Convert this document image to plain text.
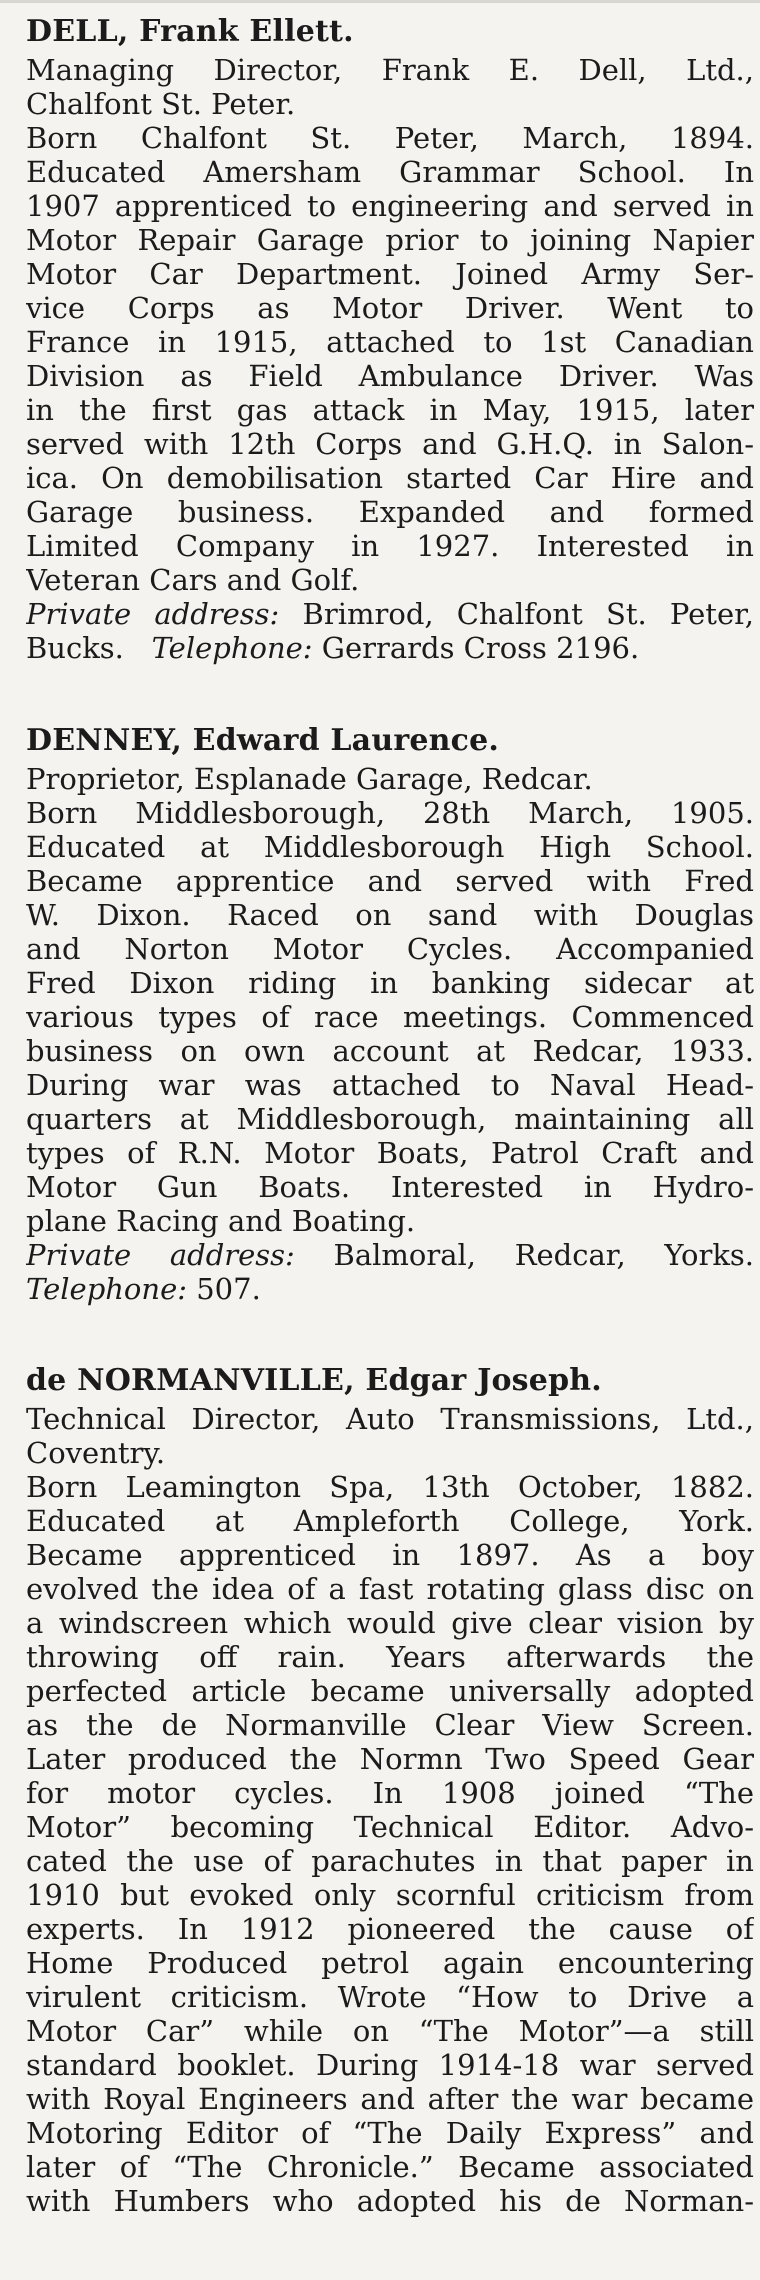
DELL, Frank Ellett.
Managing Director, Frank E. Dell, Ltd.,
Chalfont St. Peter.
Born Chalfont St. Peter, March, 1894.
Educated Amersham Grammar School. In
1907 apprenticed to engineering and served in
Motor Repair Garage prior to joining Napier
Motor Car Department. Joined Army Ser-
vice Corps as Motor Driver. Went to
France in 1915, attached to 1st Canadian
Division as Field Ambulance Driver. Was
in the first gas attack in May, 1915, later
served with 12th Corps and G.H.Q. in Salon-
ica. On demobilisation started Car Hire and
Garage business. Expanded and formed
Limited Company in 1927. Interested in
Veteran Cars and Golf.
Private address: Brimrod, Chalfont St. Peter,
Bucks. Telephone: Gerrards Cross 2196.
DENNEY, Edward Laurence.
Proprietor, Esplanade Garage, Redcar.
Born Middlesborough, 28th March, 1905.
Educated at Middlesborough High School.
Became apprentice and served with Fred
W. Dixon. Raced on sand with Douglas
and Norton Motor Cycles. Accompanied
Fred Dixon riding in banking sidecar at
various types of race meetings. Commenced
business on own account at Redcar, 1933.
During war was attached to Naval Head-
quarters at Middlesborough, maintaining all
types of R.N. Motor Boats, Patrol Craft and
Motor Gun Boats. Interested in Hydro-
plane Racing and Boating.
Private address: Balmoral, Redcar, Yorks.
Telephone: 507.
de NORMANVILLE, Edgar Joseph.
Technical Director, Auto Transmissions, Ltd.,
Coventry.
Born Leamington Spa, 13th October, 1882.
Educated at Ampleforth College, York.
Became apprenticed in 1897. As a boy
evolved the idea of a fast rotating glass disc on
a windscreen which would give clear vision by
throwing off rain. Years afterwards the
perfected article became universally adopted
as the de Normanville Clear View Screen.
Later produced the Normn Two Speed Gear
for motor cycles. In 1908 joined “The
Motor” becoming Technical Editor. Advo-
cated the use of parachutes in that paper in
1910 but evoked only scornful criticism from
experts. In 1912 pioneered the cause of
Home Produced petrol again encountering
virulent criticism. Wrote “How to Drive a
Motor Car” while on “The Motor”—a still
standard booklet. During 1914-18 war served
with Royal Engineers and after the war became
Motoring Editor of “The Daily Express” and
later of “The Chronicle.” Became associated
with Humbers who adopted his de Norman-
